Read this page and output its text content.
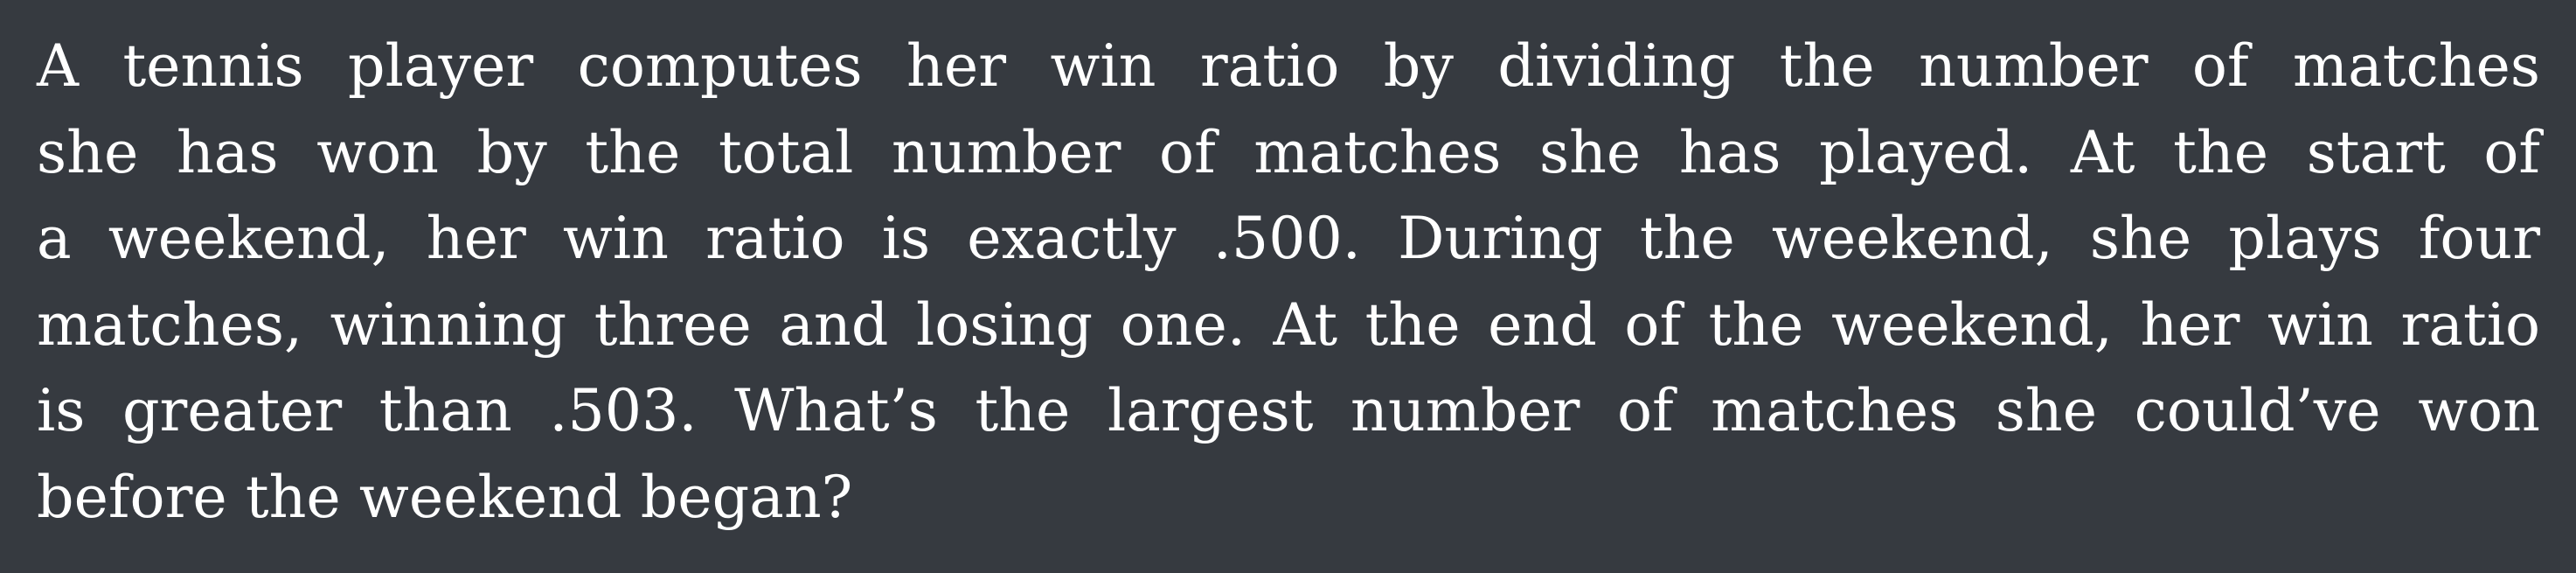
A tennis player computes her win ratio by dividing the number of matches
she has won by the total number of matches she has played. At the start of
a weekend, her win ratio is exactly .500. During the weekend, she plays four
matches, winning three and losing one. At the end of the weekend, her win ratio
is greater than .503. What’s the largest number of matches she could’ve won
before the weekend began?
